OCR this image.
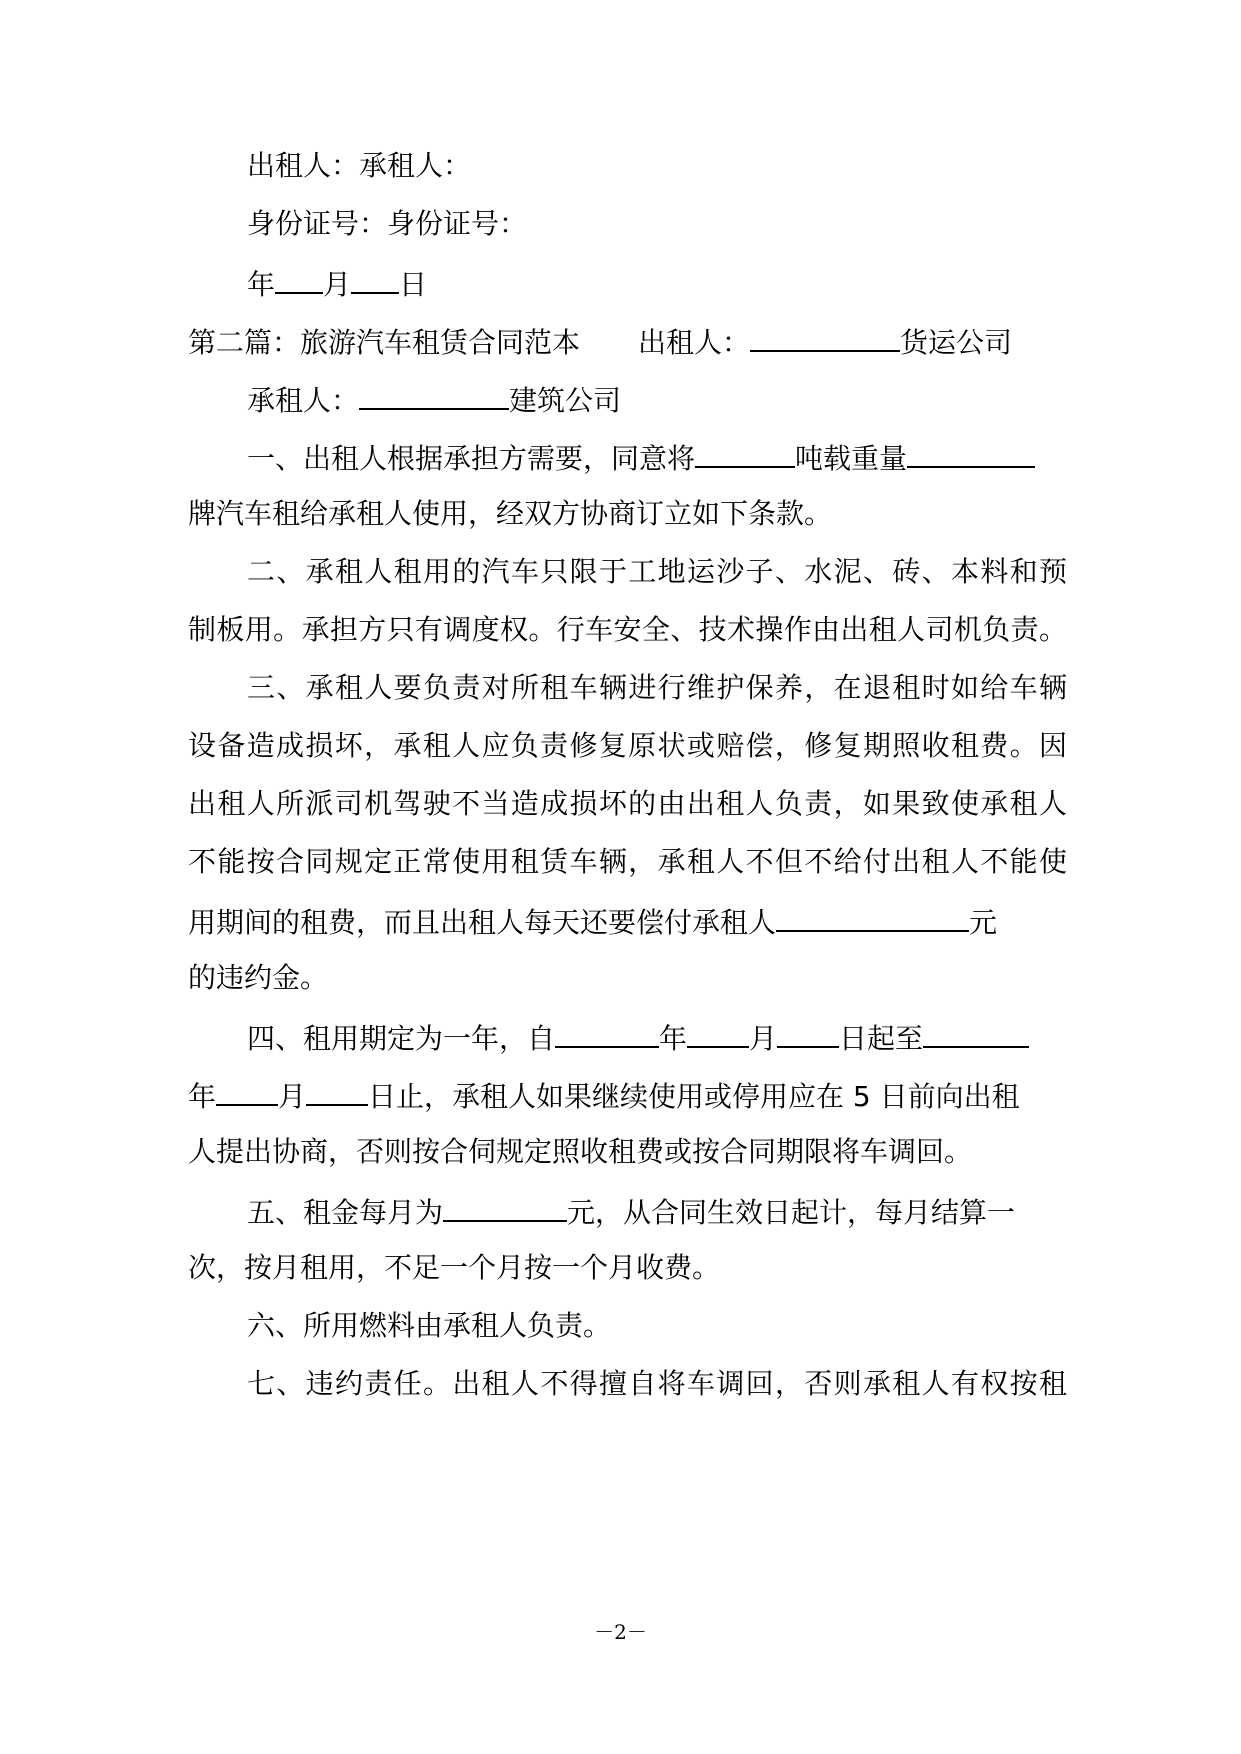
出租人：承租人：
身份证号：身份证号：
年 月 日
第二篇：旅游汽车租赁合同范本 出租人：	货运公司
承租人：	建筑公司
一、出租人根据承担方需要，同意将	吨载重量
牌汽车租给承租人使用，经双方协商订立如下条款。
二、承租人租用的汽车只限于工地运沙子、水泥、砖、本料和预
制板用。承担方只有调度权。行车安全、技术操作由出租人司机负责。
三、承租人要负责对所租车辆进行维护保养，在退租时如给车辆
设备造成损坏，承租人应负责修复原状或赔偿，修复期照收租费。因
出租人所派司机驾驶不当造成损坏的由出租人负责，如果致使承租人
不能按合同规定正常使用租赁车辆，承租人不但不给付出租人不能使
用期间的租费，而且出租人每天还要偿付承租人	元
的违约金。
四、租用期定为一年，自	年 月 日起至
年 月 日止，承租人如果继续使用或停用应在 5 日前向出租
人提出协商，否则按合伺规定照收租费或按合同期限将车调回。
五、租金每月为	元，从合同生效日起计，每月结算一
次，按月租用，不足一个月按一个月收费。
六、所用燃料由承租人负责。
七、违约责任。出租人不得擅自将车调回，否则承租人有权按租
－2－
